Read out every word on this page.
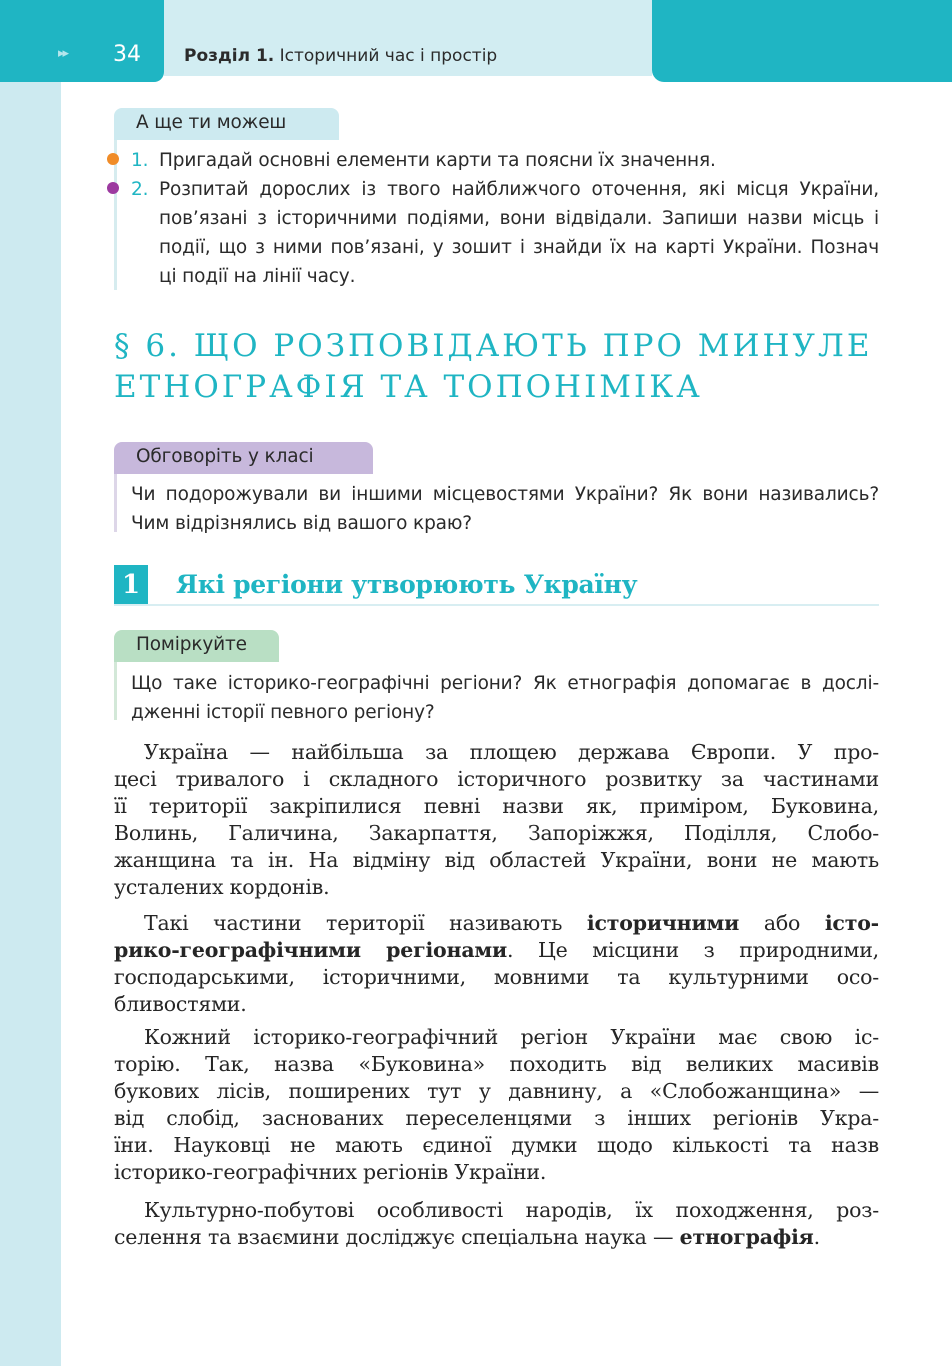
▸▸ 34	Розділ 1. Історичний час і простір
А ще ти можеш
1.
2.
Пригадай основні елементи карти та поясни їх значення.
Розпитай дорослих із твого найближчого оточення, які місця України,
пов’язані з історичними подіями, вони відвідали. Запиши назви місць і
події, що з ними пов’язані, у зошит і знайди їх на карті України. Познач
ці події на лінії часу.
§ 6. ЩО РОЗПОВІДАЮТЬ ПРО МИНУЛЕ
ЕТНОГРАФІЯ ТА ТОПОНІМІКА
Обговоріть у класі
Чи подорожували ви іншими місцевостями України? Як вони називались?
Чим відрізнялись від вашого краю?
1	Які регіони утворюють Україну
Поміркуйте
Що таке історико-географічні регіони? Як етнографія допомагає в дослі-
дженні історії певного регіону?
Україна — найбільша за площею держава Європи. У про-
цесі тривалого і складного історичного розвитку за частинами
її території закріпилися певні назви як, приміром, Буковина,
Волинь, Галичина, Закарпаття, Запоріжжя, Поділля, Слобо-
жанщина та ін. На відміну від областей України, вони не мають
усталених кордонів.
Такі частини території називають історичними або істо-
рико-географічними регіонами. Це місцини з природними,
господарськими, історичними, мовними та культурними осо-
бливостями.
Кожний історико-географічний регіон України має свою іс-
торію. Так, назва «Буковина» походить від великих масивів
букових лісів, поширених тут у давнину, а «Слобожанщина» —
від слобід, заснованих переселенцями з інших регіонів Укра-
їни. Науковці не мають єдиної думки щодо кількості та назв
історико-географічних регіонів України.
Культурно-побутові особливості народів, їх походження, роз-
селення та взаємини досліджує спеціальна наука — етнографія.
